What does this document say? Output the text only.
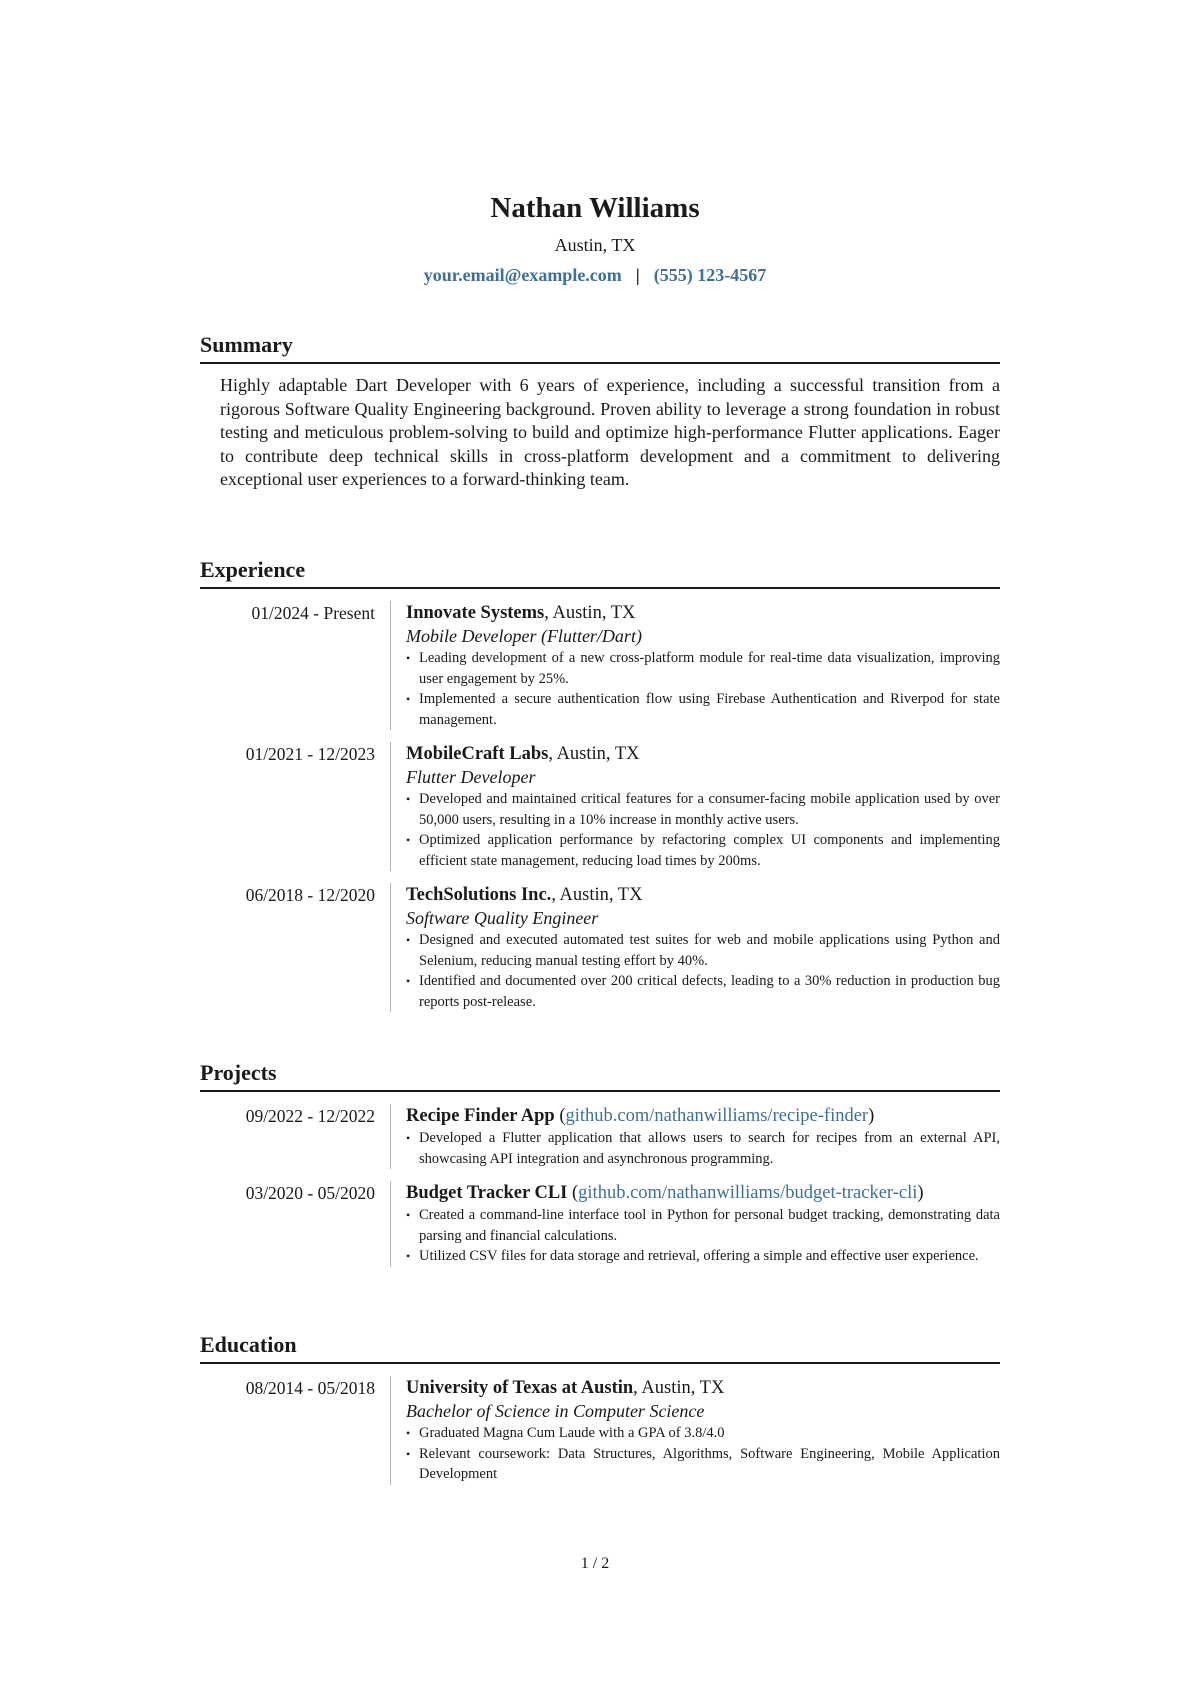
Nathan Williams
Austin, TX
your.email@example.com | (555) 123-4567
Summary

Highly adaptable Dart Developer with 6 years of experience, including a successful transition from a rigorous Software Quality Engineering background. Proven ability to leverage a strong foundation in robust testing and meticulous problem-solving to build and optimize high-performance Flutter applications. Eager to contribute deep technical skills in cross-platform development and a commitment to delivering exceptional user experiences to a forward-thinking team.

Experience
01/2024 - Present	Innovate Systems, Austin, TX
Mobile Developer (Flutter/Dart)
• Leading development of a new cross-platform module for real-time data visualization, improving user engagement by 25%.
• Implemented a secure authentication flow using Firebase Authentication and Riverpod for state management.
01/2021 - 12/2023	MobileCraft Labs, Austin, TX
Flutter Developer
• Developed and maintained critical features for a consumer-facing mobile application used by over 50,000 users, resulting in a 10% increase in monthly active users.
• Optimized application performance by refactoring complex UI components and implementing efficient state management, reducing load times by 200ms.
06/2018 - 12/2020	TechSolutions Inc., Austin, TX
Software Quality Engineer
• Designed and executed automated test suites for web and mobile applications using Python and Selenium, reducing manual testing effort by 40%.
• Identified and documented over 200 critical defects, leading to a 30% reduction in production bug reports post-release.
Projects
09/2022 - 12/2022	Recipe Finder App (github.com/nathanwilliams/recipe-finder)
• Developed a Flutter application that allows users to search for recipes from an external API, showcasing API integration and asynchronous programming.
03/2020 - 05/2020	Budget Tracker CLI (github.com/nathanwilliams/budget-tracker-cli)
• Created a command-line interface tool in Python for personal budget tracking, demonstrating data parsing and financial calculations.
• Utilized CSV files for data storage and retrieval, offering a simple and effective user experience.
Education
08/2014 - 05/2018	University of Texas at Austin, Austin, TX
Bachelor of Science in Computer Science
• Graduated Magna Cum Laude with a GPA of 3.8/4.0
• Relevant coursework: Data Structures, Algorithms, Software Engineering, Mobile Application Development
1 / 2
